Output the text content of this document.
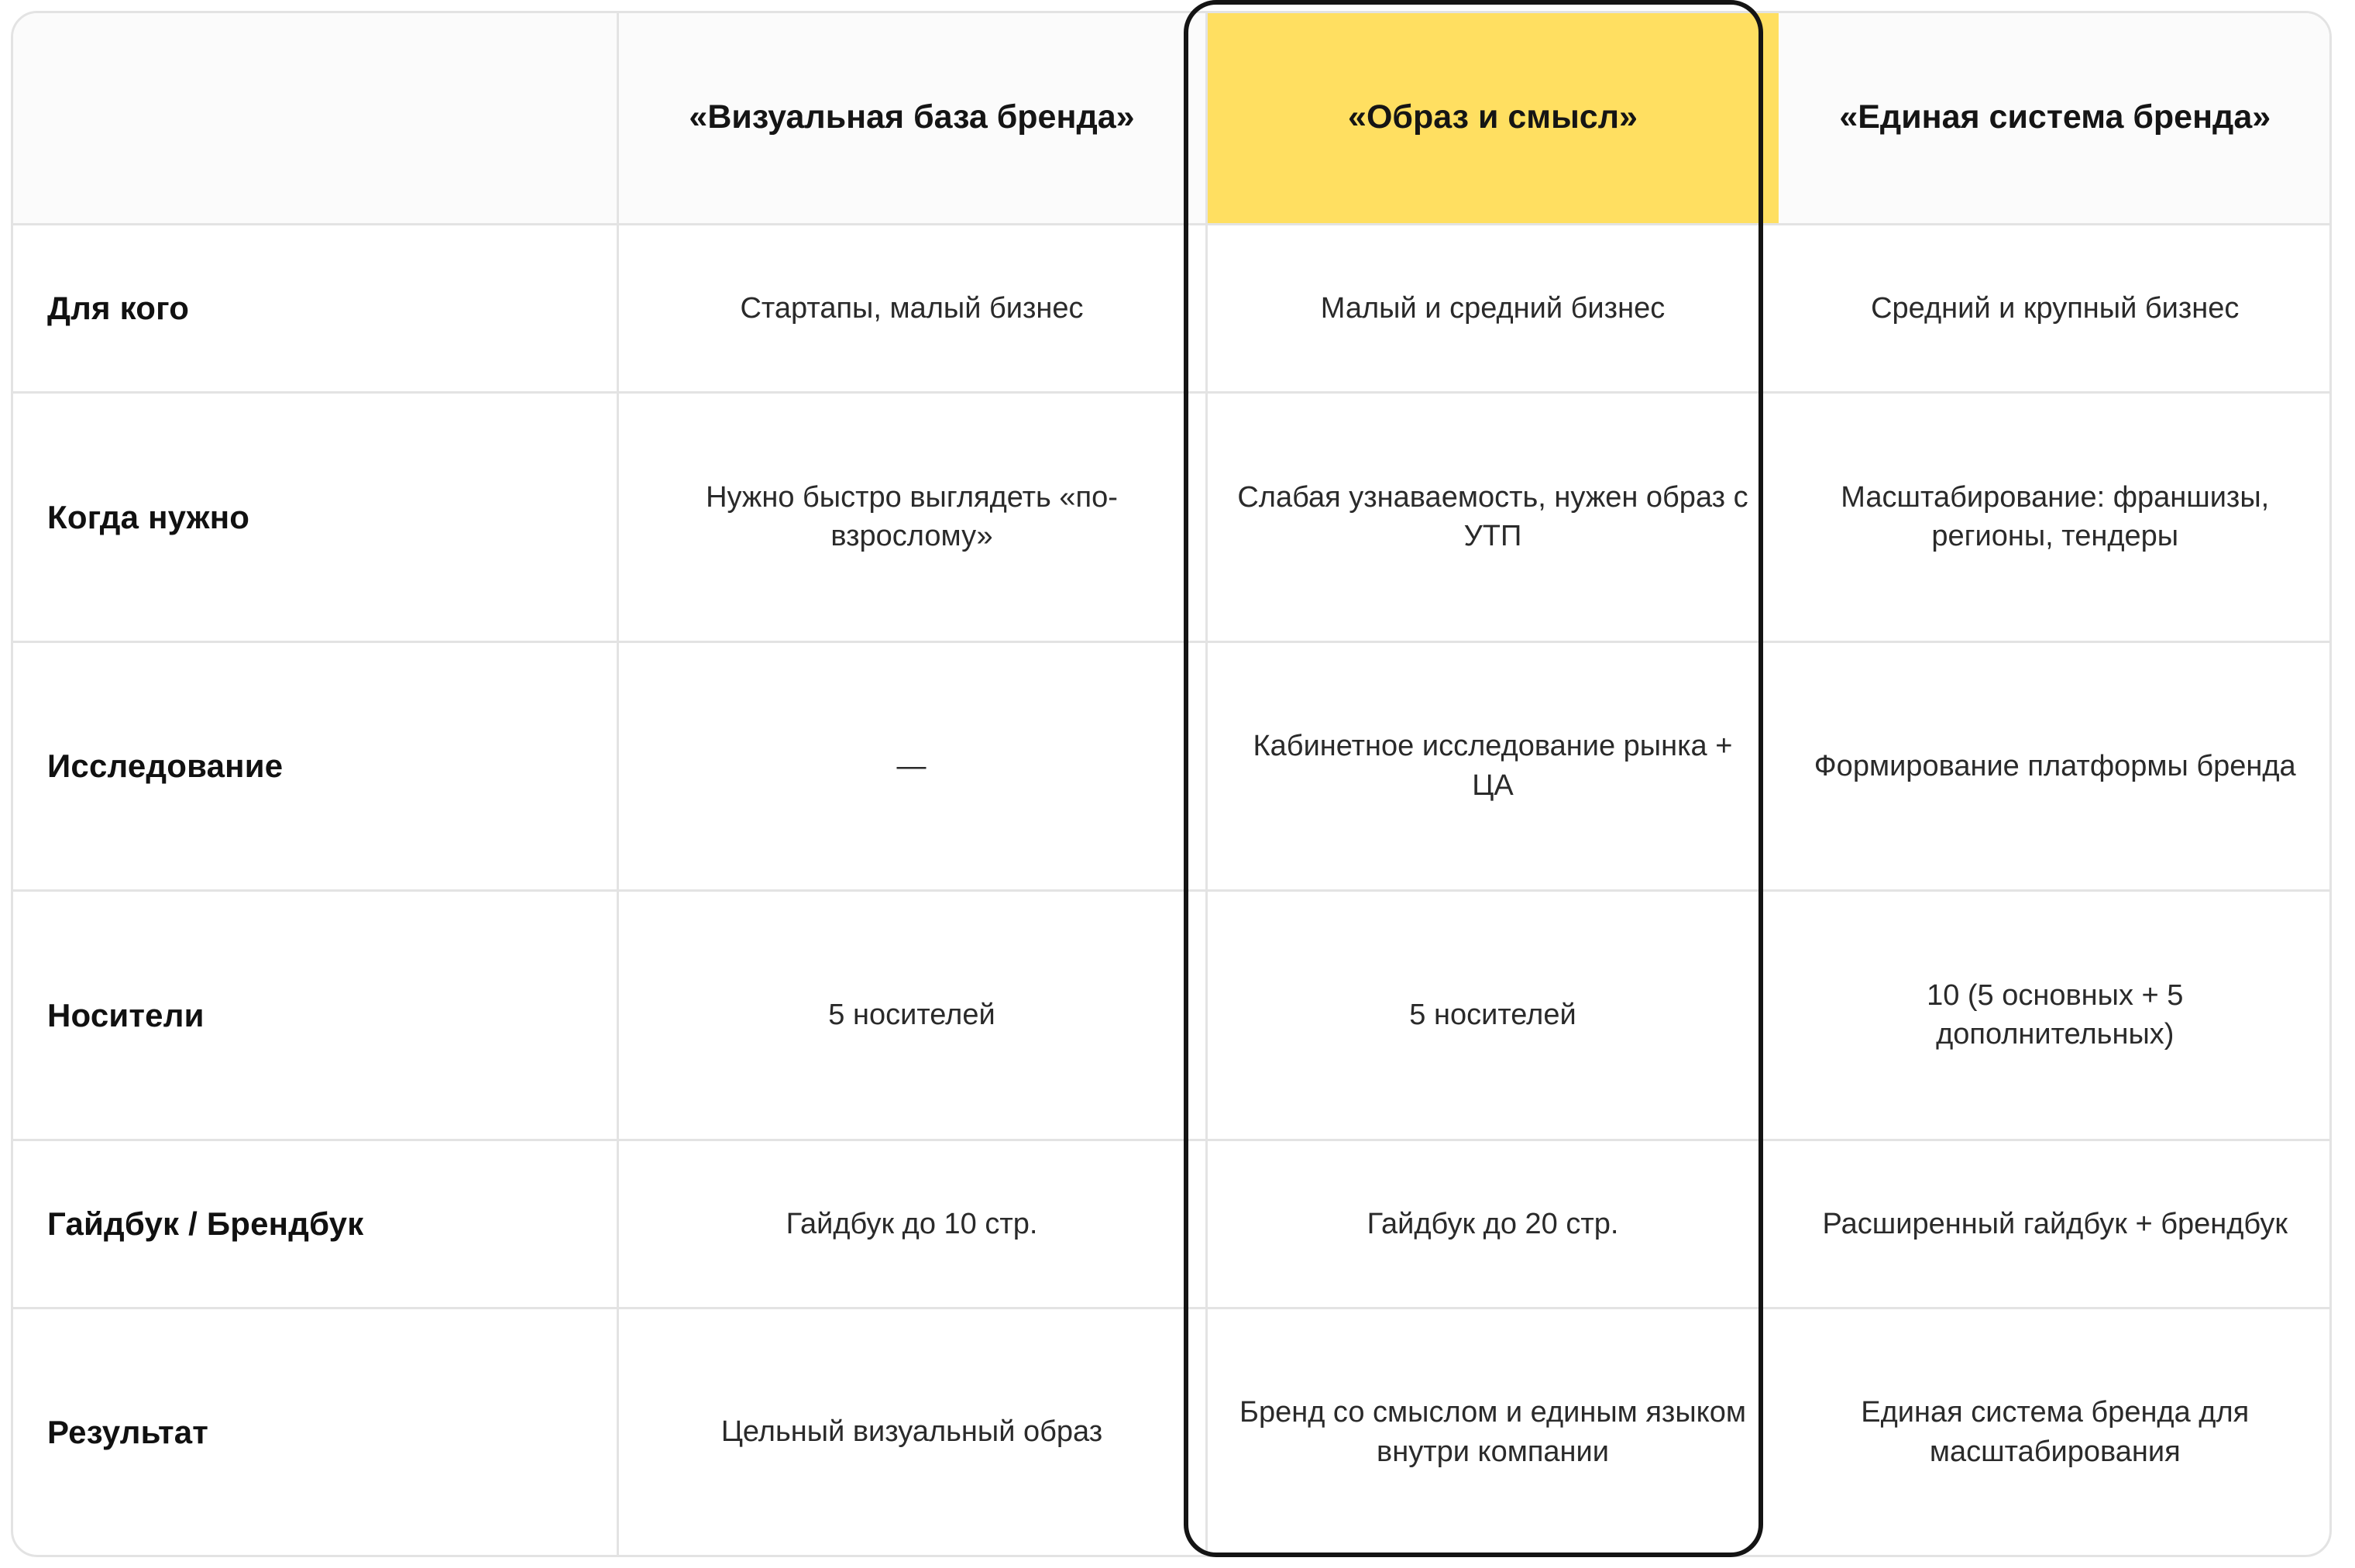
	«Визуальная база бренда»	«Образ и смысл»	«Единая система бренда»
Для кого	Стартапы, малый бизнес	Малый и средний бизнес	Средний и крупный бизнес
Когда нужно	Нужно быстро выглядеть «по-взрослому»	Слабая узнаваемость, нужен образ с УТП	Масштабирование: франшизы, регионы, тендеры
Исследование	—	Кабинетное исследование рынка + ЦА	Формирование платформы бренда
Носители	5 носителей	5 носителей	10 (5 основных + 5 дополнительных)
Гайдбук / Брендбук	Гайдбук до 10 стр.	Гайдбук до 20 стр.	Расширенный гайдбук + брендбук
Результат	Цельный визуальный образ	Бренд со смыслом и единым языком внутри компании	Единая система бренда для масштабирования
